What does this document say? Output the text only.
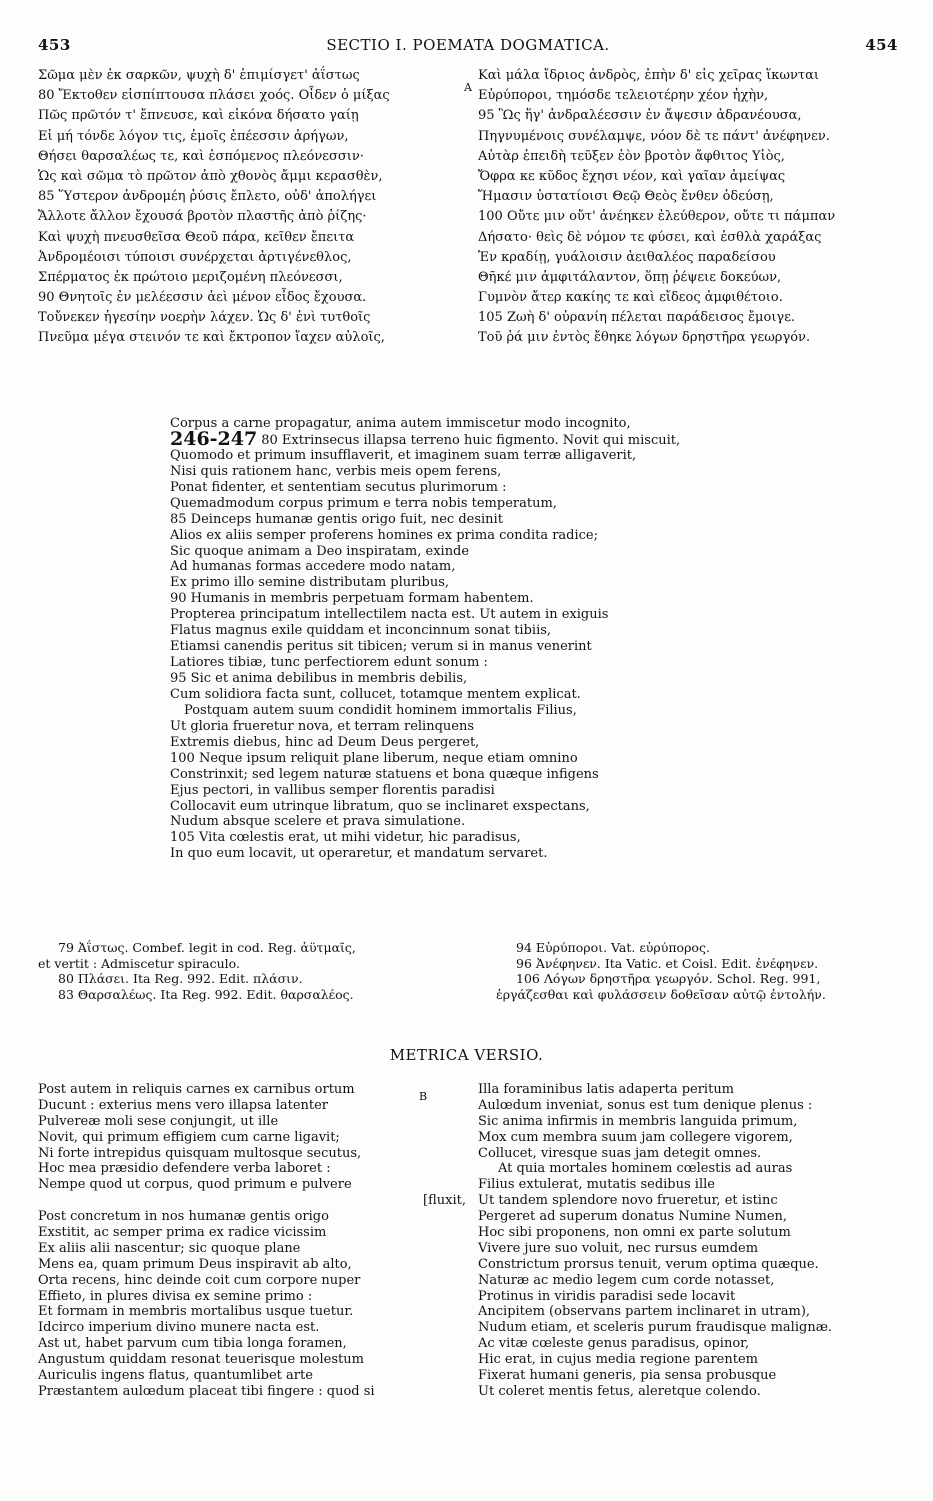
453	SECTIO I. POEMATA DOGMATICA.	454
Σῶμα μὲν ἐκ σαρκῶν, ψυχὴ δ' ἐπιμίσγετ' ἀΐστως
80 Ἔκτοθεν εἰσπίπτουσα πλάσει χοός. Οἶδεν ὁ μίξας
Πῶς πρῶτόν τ' ἔπνευσε, καὶ εἰκόνα δήσατο γαίῃ
Εἰ μή τόνδε λόγον τις, ἐμοῖς ἐπέεσσιν ἀρήγων,
Θήσει θαρσαλέως τε, καὶ ἑσπόμενος πλεόνεσσιν·
Ὡς καὶ σῶμα τὸ πρῶτον ἀπὸ χθονὸς ἄμμι κερασθὲν,
85 Ὕστερον ἀνδρομέη ῥύσις ἔπλετο, οὐδ' ἀπολήγει
Ἄλλοτε ἄλλον ἔχουσά βροτὸν πλαστῆς ἀπὸ ῥίζης·
Καὶ ψυχὴ πνευσθεῖσα Θεοῦ πάρα, κεῖθεν ἔπειτα
Ἀνδρομέοισι τύποισι συνέρχεται ἀρτιγένεθλος,
Σπέρματος ἐκ πρώτοιο μεριζομένη πλεόνεσσι,
90 Θνητοῖς ἐν μελέεσσιν ἀεὶ μένον εἶδος ἔχουσα.
Τοὔνεκεν ἡγεσίην νοερὴν λάχεν. Ὡς δ' ἐνὶ τυτθοῖς
Πνεῦμα μέγα στεινόν τε καὶ ἔκτροπον ἴαχεν αὐλοῖς,
A
Καὶ μάλα ἴδριος ἀνδρὸς, ἐπὴν δ' εἰς χεῖρας ἵκωνται
Εὐρύποροι, τημόσδε τελειοτέρην χέον ἠχὴν,
95 Ὣς ἥγ' ἀνδραλέεσσιν ἐν ἄψεσιν ἀδρανέουσα,
Πηγνυμένοις συνέλαμψε, νόον δὲ τε πάντ' ἀνέφηνεν.
Αὐτὰρ ἐπειδὴ τεῦξεν ἑὸν βροτὸν ἄφθιτος Υἱὸς,
Ὄφρα κε κῦδος ἔχησι νέον, καὶ γαῖαν ἀμείψας
Ἤμασιν ὑστατίοισι Θεῷ Θεὸς ἔνθεν ὁδεύσῃ,
100 Οὔτε μιν οὔτ' ἀνέηκεν ἐλεύθερον, οὔτε τι πάμπαν
Δήσατο· θεὶς δὲ νόμον τε φύσει, καὶ ἐσθλὰ χαράξας
Ἐν κραδίῃ, γυάλοισιν ἀειθαλέος παραδείσου
Θῆκέ μιν ἀμφιτάλαντον, ὅπῃ ῥέψειε δοκεύων,
Γυμνὸν ἄτερ κακίης τε καὶ εἴδεος ἀμφιθέτοιο.
105 Ζωὴ δ' οὐρανίη πέλεται παράδεισος ἔμοιγε.
Τοῦ ῥά μιν ἐντὸς ἔθηκε λόγων δρηστῆρα γεωργόν.
Corpus a carne propagatur, anima autem immiscetur modo incognito,
246-247 80 Extrinsecus illapsa terreno huic figmento. Novit qui miscuit,
Quomodo et primum insufflaverit, et imaginem suam terræ alligaverit,
Nisi quis rationem hanc, verbis meis opem ferens,
Ponat fidenter, et sententiam secutus plurimorum :
Quemadmodum corpus primum e terra nobis temperatum,
85 Deinceps humanæ gentis origo fuit, nec desinit
Alios ex aliis semper proferens homines ex prima condita radice;
Sic quoque animam a Deo inspiratam, exinde
Ad humanas formas accedere modo natam,
Ex primo illo semine distributam pluribus,
90 Humanis in membris perpetuam formam habentem.
Propterea principatum intellectilem nacta est. Ut autem in exiguis
Flatus magnus exile quiddam et inconcinnum sonat tibiis,
Etiamsi canendis peritus sit tibicen; verum si in manus venerint
Latiores tibiæ, tunc perfectiorem edunt sonum :
95 Sic et anima debilibus in membris debilis,
Cum solidiora facta sunt, collucet, totamque mentem explicat.
Postquam autem suum condidit hominem immortalis Filius,
Ut gloria frueretur nova, et terram relinquens
Extremis diebus, hinc ad Deum Deus pergeret,
100 Neque ipsum reliquit plane liberum, neque etiam omnino
Constrinxit; sed legem naturæ statuens et bona quæque infigens
Ejus pectori, in vallibus semper florentis paradisi
Collocavit eum utrinque libratum, quo se inclinaret exspectans,
Nudum absque scelere et prava simulatione.
105 Vita cœlestis erat, ut mihi videtur, hic paradisus,
In quo eum locavit, ut operaretur, et mandatum servaret.
79 Ἀΐστως. Combef. legit in cod. Reg. ἀϋτμαῖς,
et vertit : Admiscetur spiraculo.
80 Πλάσει. Ita Reg. 992. Edit. πλάσιν.
83 Θαρσαλέως. Ita Reg. 992. Edit. θαρσαλέος.
94 Εὐρύποροι. Vat. εὐρύπορος.
96 Ἀνέφηνεν. Ita Vatic. et Coisl. Edit. ἐνέφηνεν.
106 Λόγων δρηστῆρα γεωργόν. Schol. Reg. 991,
ἐργάζεσθαι καὶ φυλάσσειν δοθεῖσαν αὐτῷ ἐντολήν.
METRICA VERSIO.
B
Post autem in reliquis carnes ex carnibus ortum
Ducunt : exterius mens vero illapsa latenter
Pulvereæ moli sese conjungit, ut ille
Novit, qui primum effigiem cum carne ligavit;
Ni forte intrepidus quisquam multosque secutus,
Hoc mea præsidio defendere verba laboret :
Nempe quod ut corpus, quod primum e pulvere
[fluxit,
Post concretum in nos humanæ gentis origo
Exstitit, ac semper prima ex radice vicissim
Ex aliis alii nascentur; sic quoque plane
Mens ea, quam primum Deus inspiravit ab alto,
Orta recens, hinc deinde coit cum corpore nuper
Effieto, in plures divisa ex semine primo :
Et formam in membris mortalibus usque tuetur.
Idcirco imperium divino munere nacta est.
Ast ut, habet parvum cum tibia longa foramen,
Angustum quiddam resonat teuerisque molestum
Auriculis ingens flatus, quantumlibet arte
Præstantem aulœdum placeat tibi fingere : quod si
Illa foraminibus latis adaperta peritum
Aulœdum inveniat, sonus est tum denique plenus :
Sic anima infirmis in membris languida primum,
Mox cum membra suum jam collegere vigorem,
Collucet, viresque suas jam detegit omnes.
At quia mortales hominem cœlestis ad auras
Filius extulerat, mutatis sedibus ille
Ut tandem splendore novo frueretur, et istinc
Pergeret ad superum donatus Numine Numen,
Hoc sibi proponens, non omni ex parte solutum
Vivere jure suo voluit, nec rursus eumdem
Constrictum prorsus tenuit, verum optima quæque.
Naturæ ac medio legem cum corde notasset,
Protinus in viridis paradisi sede locavit
Ancipitem (observans partem inclinaret in utram),
Nudum etiam, et sceleris purum fraudisque malignæ.
Ac vitæ cœleste genus paradisus, opinor,
Hic erat, in cujus media regione parentem
Fixerat humani generis, pia sensa probusque
Ut coleret mentis fetus, aleretque colendo.
